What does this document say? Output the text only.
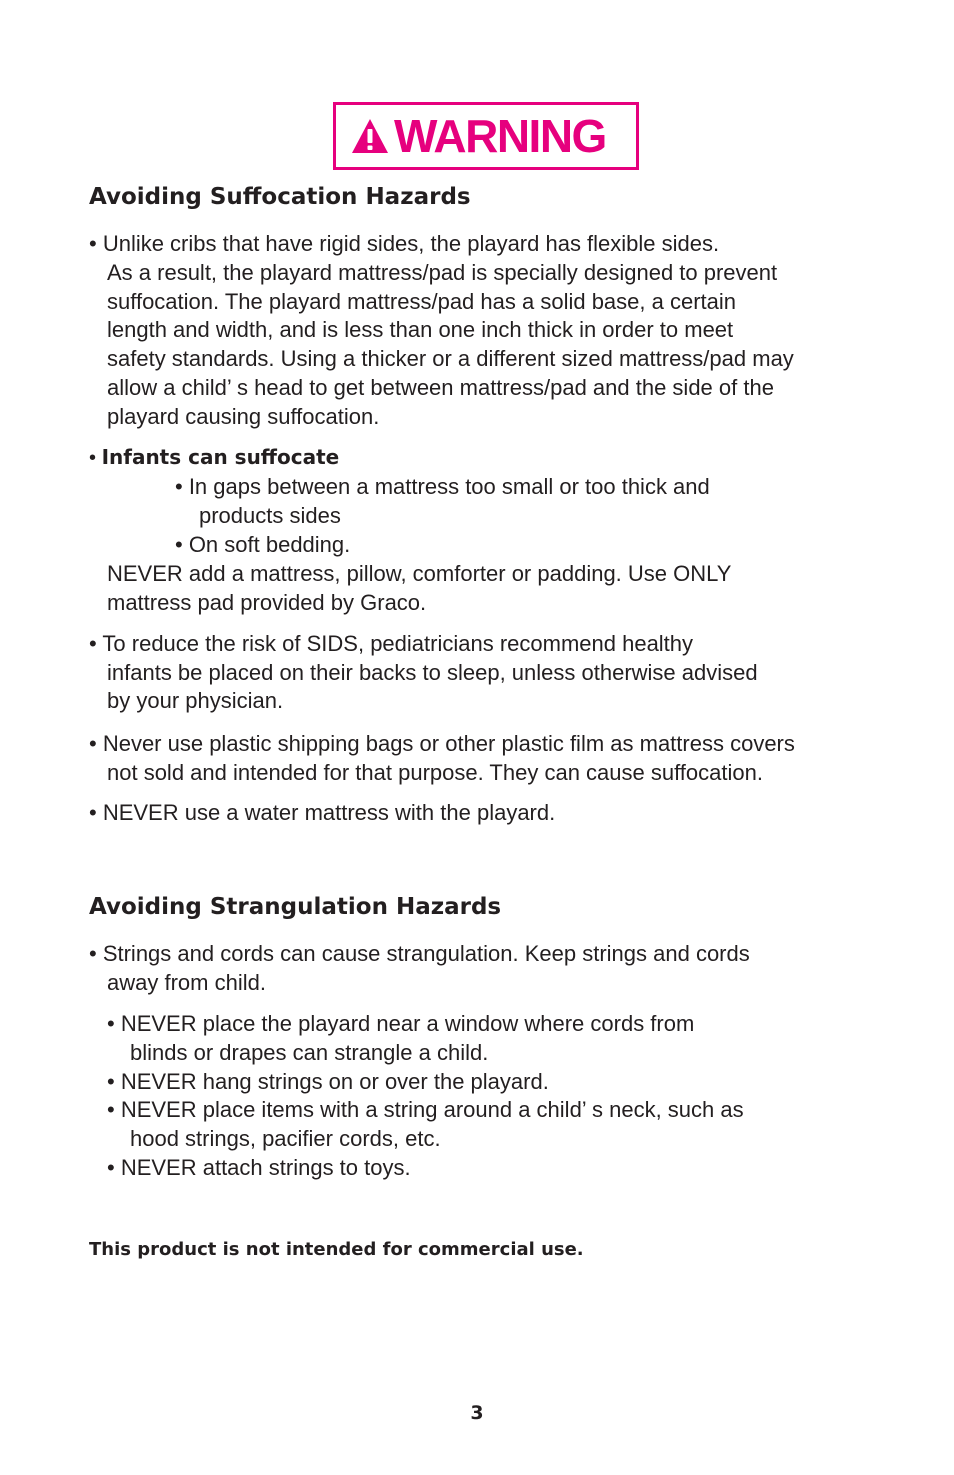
WARNING
Avoiding Suffocation Hazards
• Unlike cribs that have rigid sides, the playard has flexible sides.
As a result, the playard mattress/pad is specially designed to prevent
suffocation. The playard mattress/pad has a solid base, a certain
length and width, and is less than one inch thick in order to meet
safety standards. Using a thicker or a different sized mattress/pad may
allow a child’ s head to get between mattress/pad and the side of the
playard causing suffocation.
• Infants can suffocate
• In gaps between a mattress too small or too thick and
products sides
• On soft bedding.
NEVER add a mattress, pillow, comforter or padding. Use ONLY
mattress pad provided by Graco.
• To reduce the risk of SIDS, pediatricians recommend healthy
infants be placed on their backs to sleep, unless otherwise advised
by your physician.
• Never use plastic shipping bags or other plastic film as mattress covers
not sold and intended for that purpose. They can cause suffocation.
• NEVER use a water mattress with the playard.
Avoiding Strangulation Hazards
• Strings and cords can cause strangulation. Keep strings and cords
away from child.
• NEVER place the playard near a window where cords from
blinds or drapes can strangle a child.
• NEVER hang strings on or over the playard.
• NEVER place items with a string around a child’ s neck, such as
hood strings, pacifier cords, etc.
• NEVER attach strings to toys.
This product is not intended for commercial use.
3
